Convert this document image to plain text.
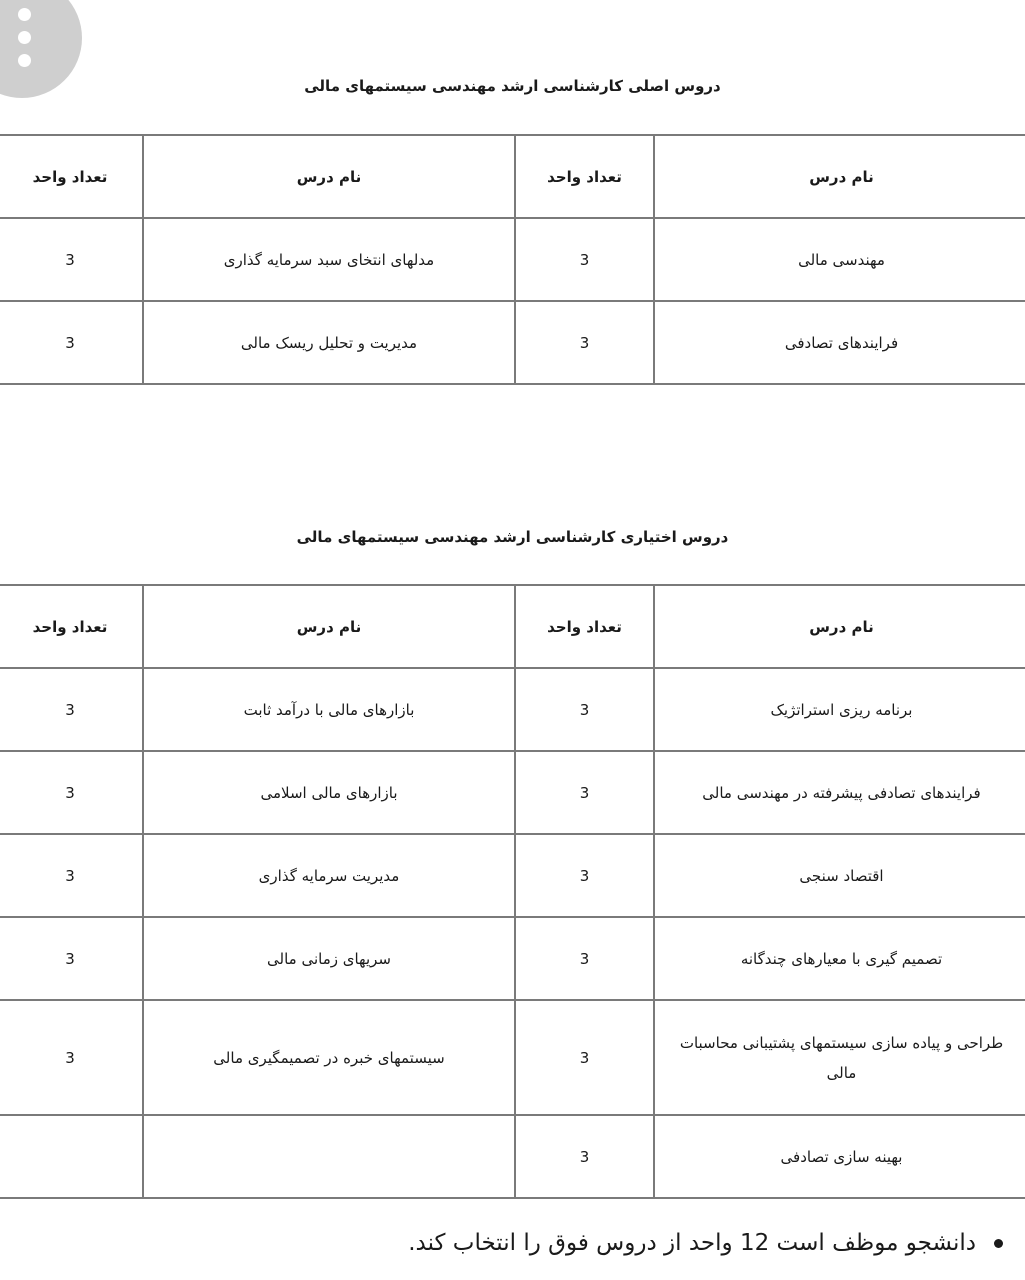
دروس اصلی کارشناسی ارشد مهندسی سیستمهای مالی
نام درس	تعداد واحد	نام درس	تعداد واحد
مهندسی مالی	3	مدلهای انتخای سبد سرمایه گذاری	3
فرایندهای تصادفی	3	مدیریت و تحلیل ریسک مالی	3
دروس اختیاری کارشناسی ارشد مهندسی سیستمهای مالی
نام درس	تعداد واحد	نام درس	تعداد واحد
برنامه ریزی استراتژیک	3	بازارهای مالی با درآمد ثابت	3
فرایندهای تصادفی پیشرفته در مهندسی مالی	3	بازارهای مالی اسلامی	3
اقتصاد سنجی	3	مدیریت سرمایه گذاری	3
تصمیم گیری با معیارهای چندگانه	3	سریهای زمانی مالی	3
طراحی و پیاده سازی سیستمهای پشتیبانی محاسبات مالی	3	سیستمهای خبره در تصمیمگیری مالی	3
بهینه سازی تصادفی	3		
دانشجو موظف است 12 واحد از دروس فوق را انتخاب کند.
